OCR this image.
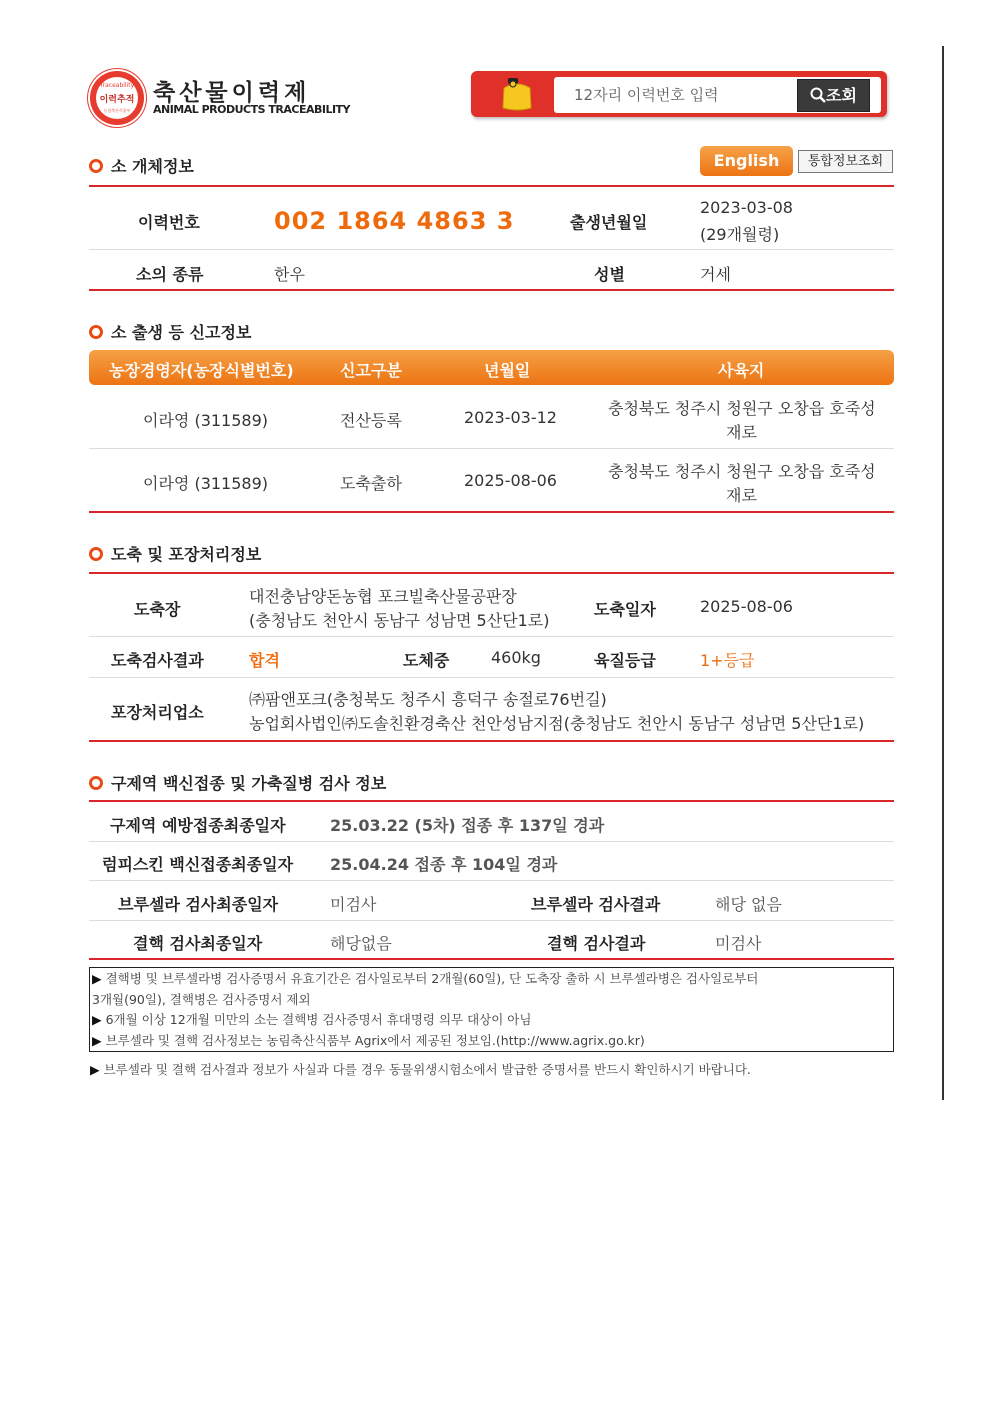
Traceability
이력추적
농림축산식품부
축산물이력제
ANIMAL PRODUCTS TRACEABILITY
12자리 이력번호 입력
조회
소 개체정보	English	통합정보조회
이력번호	002 1864 4863 3	출생년월일
2023-03-08
(29개월령)
소의 종류	한우	성별	거세
소 출생 등 신고정보
농장경영자(농장식별번호)	신고구분	년월일	사육지
이라영 (311589)	전산등록	2023-03-12	충청북도 청주시 청원구 오창읍 호죽성
재로
이라영 (311589)	도축출하	2025-08-06	충청북도 청주시 청원구 오창읍 호죽성
재로
도축 및 포장처리정보
도축장
대전충남양돈농협 포크빌축산물공판장
(충청남도 천안시 동남구 성남면 5산단1로)
도축일자	2025-08-06
도축검사결과	합격	도체중	460kg	육질등급	1+등급
포장처리업소
㈜팜앤포크(충청북도 청주시 흥덕구 송절로76번길)
농업회사법인㈜도솔친환경축산 천안성남지점(충청남도 천안시 동남구 성남면 5산단1로)
구제역 백신접종 및 가축질병 검사 정보
구제역 예방접종최종일자	25.03.22 (5차) 접종 후 137일 경과
럼피스킨 백신접종최종일자 25.04.24 접종 후 104일 경과
브루셀라 검사최종일자	미검사	브루셀라 검사결과	해당 없음
결핵 검사최종일자	해당없음	결핵 검사결과	미검사
▶ 결핵병 및 브루셀라병 검사증명서 유효기간은 검사일로부터 2개월(60일), 단 도축장 출하 시 브루셀라병은 검사일로부터
3개월(90일), 결핵병은 검사증명서 제외
▶ 6개월 이상 12개월 미만의 소는 결핵병 검사증명서 휴대명령 의무 대상이 아님
▶ 브루셀라 및 결핵 검사정보는 농림축산식품부 Agrix에서 제공된 정보임.(http://www.agrix.go.kr)
▶ 브루셀라 및 결핵 검사결과 정보가 사실과 다를 경우 동물위생시험소에서 발급한 증명서를 반드시 확인하시기 바랍니다.
